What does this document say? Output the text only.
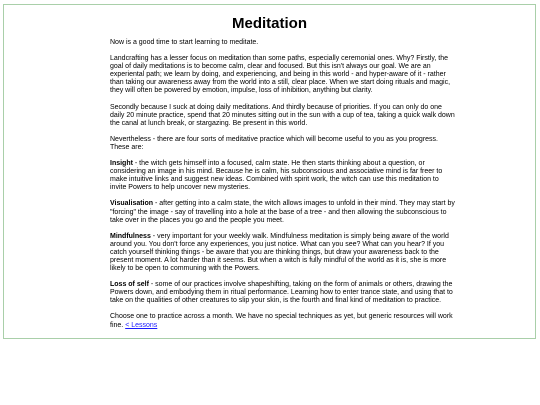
Meditation

Now is a good time to start learning to meditate.

Landcrafting has a lesser focus on meditation than some paths, especially ceremonial ones. Why? Firstly, the goal of daily meditations is to become calm, clear and focused. But this isn't always our goal. We are an experiental path; we learn by doing, and experiencing, and being in this world - and hyper-aware of it - rather than taking our awareness away from the world into a still, clear place. When we start doing rituals and magic, they will often be powered by emotion, impulse, loss of inhibition, anything but clarity.

Secondly because I suck at doing daily meditations. And thirdly because of priorities. If you can only do one daily 20 minute practice, spend that 20 minutes sitting out in the sun with a cup of tea, taking a quick walk down the canal at lunch break, or stargazing. Be present in this world.

Nevertheless - there are four sorts of meditative practice which will become useful to you as you progress. These are:

Insight - the witch gets himself into a focused, calm state. He then starts thinking about a question, or considering an image in his mind. Because he is calm, his subconscious and associative mind is far freer to make intuitive links and suggest new ideas. Combined with spirit work, the witch can use this meditation to invite Powers to help uncover new mysteries.

Visualisation - after getting into a calm state, the witch allows images to unfold in their mind. They may start by "forcing" the image - say of travelling into a hole at the base of a tree - and then allowing the subconscious to take over in the places you go and the people you meet.

Mindfulness - very important for your weekly walk. Mindfulness meditation is simply being aware of the world around you. You don't force any experiences, you just notice. What can you see? What can you hear? If you catch yourself thinking things - be aware that you are thinking things, but draw your awareness back to the present moment. A lot harder than it seems. But when a witch is fully mindful of the world as it is, she is more likely to be open to communing with the Powers.

Loss of self - some of our practices involve shapeshifting, taking on the form of animals or others, drawing the Powers down, and embodying them in ritual performance. Learning how to enter trance state, and using that to take on the qualities of other creatures to slip your skin, is the fourth and final kind of meditation to practice.

Choose one to practice across a month. We have no special techniques as yet, but generic resources will work fine. < Lessons
